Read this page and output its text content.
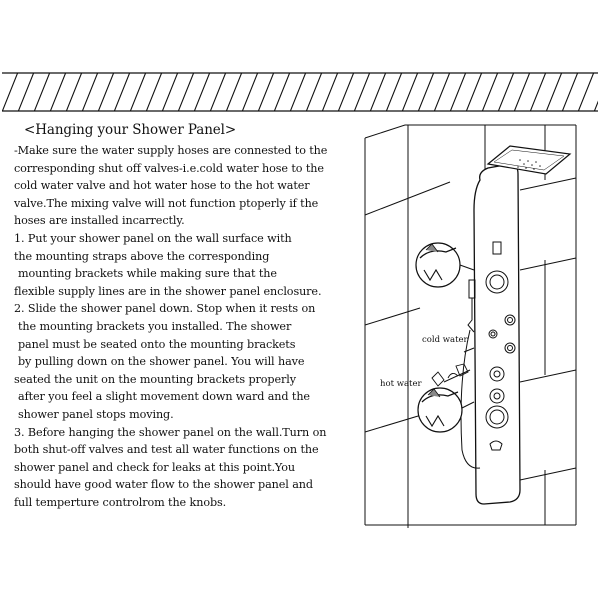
<Hanging your Shower Panel>
-Make sure the water supply hoses are connested to the
corresponding shut off valves-i.e.cold water hose to the
cold water valve and hot water hose to the hot water
valve.The mixing valve will not function ptoperly if the
hoses are installed incarrectly.
1. Put your shower panel on the wall surface with
the mounting straps above the corresponding
mounting brackets while making sure that the
flexible supply lines are in the shower panel enclosure.
2. Slide the shower panel down. Stop when it rests on
the mounting brackets you installed. The shower
panel must be seated onto the mounting brackets
by pulling down on the shower panel. You will have
seated the unit on the mounting brackets properly
after you feel a slight movement down ward and the
shower panel stops moving.
3. Before hanging the shower panel on the wall.Turn on
both shut-off valves and test all water functions on the
shower panel and check for leaks at this point.You
should have good water flow to the shower panel and
full temperture controlrom the knobs.
cold water
hot water
